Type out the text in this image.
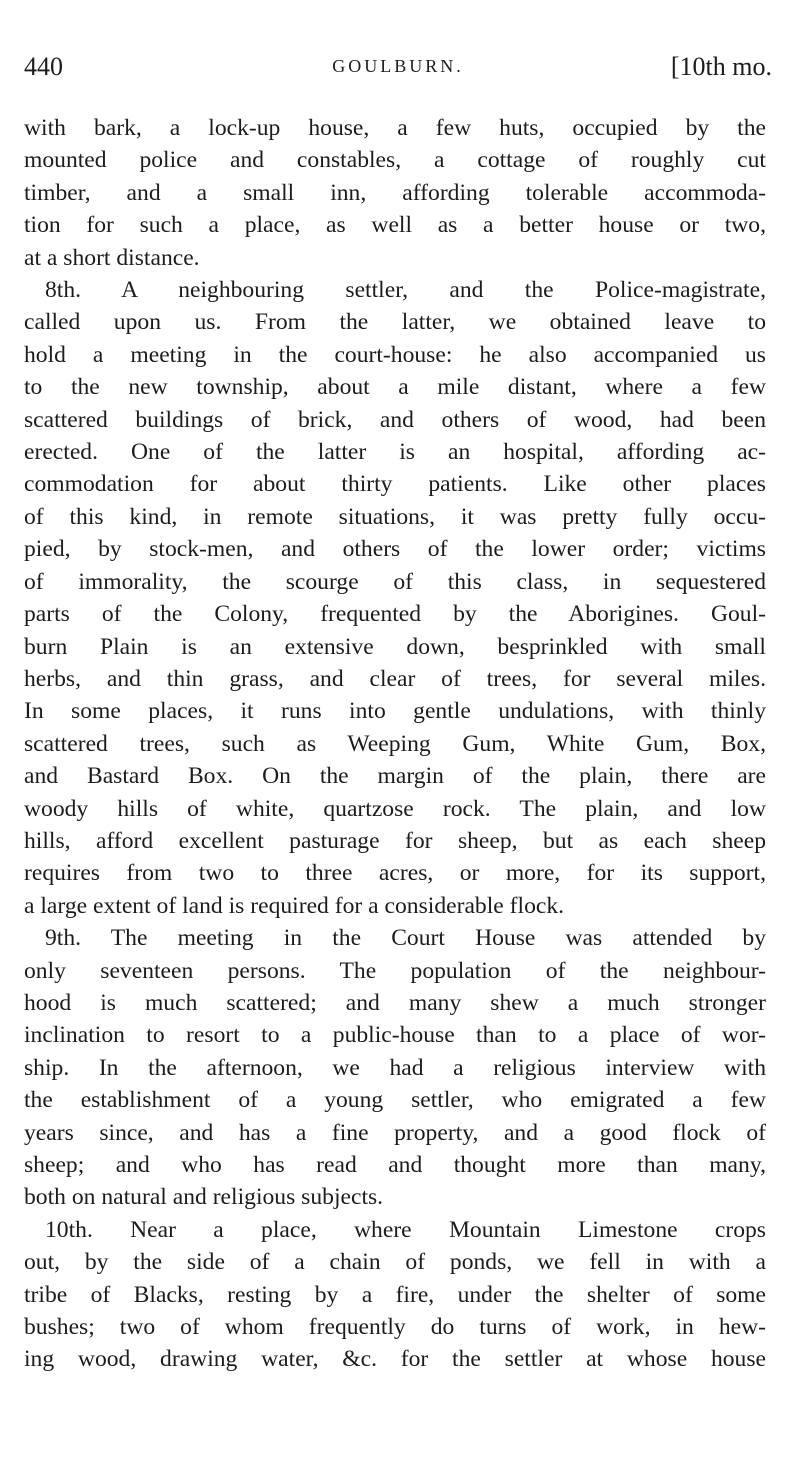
440	GOULBURN.	[10th mo.

with bark, a lock-up house, a few huts, occupied by the

mounted police and constables, a cottage of roughly cut

timber, and a small inn, affording tolerable accommoda-

tion for such a place, as well as a better house or two,

at a short distance.

8th. A neighbouring settler, and the Police-magistrate,

called upon us. From the latter, we obtained leave to

hold a meeting in the court-house: he also accompanied us

to the new township, about a mile distant, where a few

scattered buildings of brick, and others of wood, had been

erected. One of the latter is an hospital, affording ac-

commodation for about thirty patients. Like other places

of this kind, in remote situations, it was pretty fully occu-

pied, by stock-men, and others of the lower order; victims

of immorality, the scourge of this class, in sequestered

parts of the Colony, frequented by the Aborigines. Goul-

burn Plain is an extensive down, besprinkled with small

herbs, and thin grass, and clear of trees, for several miles.

In some places, it runs into gentle undulations, with thinly

scattered trees, such as Weeping Gum, White Gum, Box,

and Bastard Box. On the margin of the plain, there are

woody hills of white, quartzose rock. The plain, and low

hills, afford excellent pasturage for sheep, but as each sheep

requires from two to three acres, or more, for its support,

a large extent of land is required for a considerable flock.

9th. The meeting in the Court House was attended by

only seventeen persons. The population of the neighbour-

hood is much scattered; and many shew a much stronger

inclination to resort to a public-house than to a place of wor-

ship. In the afternoon, we had a religious interview with

the establishment of a young settler, who emigrated a few

years since, and has a fine property, and a good flock of

sheep; and who has read and thought more than many,

both on natural and religious subjects.

10th. Near a place, where Mountain Limestone crops

out, by the side of a chain of ponds, we fell in with a

tribe of Blacks, resting by a fire, under the shelter of some

bushes; two of whom frequently do turns of work, in hew-

ing wood, drawing water, &c. for the settler at whose house
